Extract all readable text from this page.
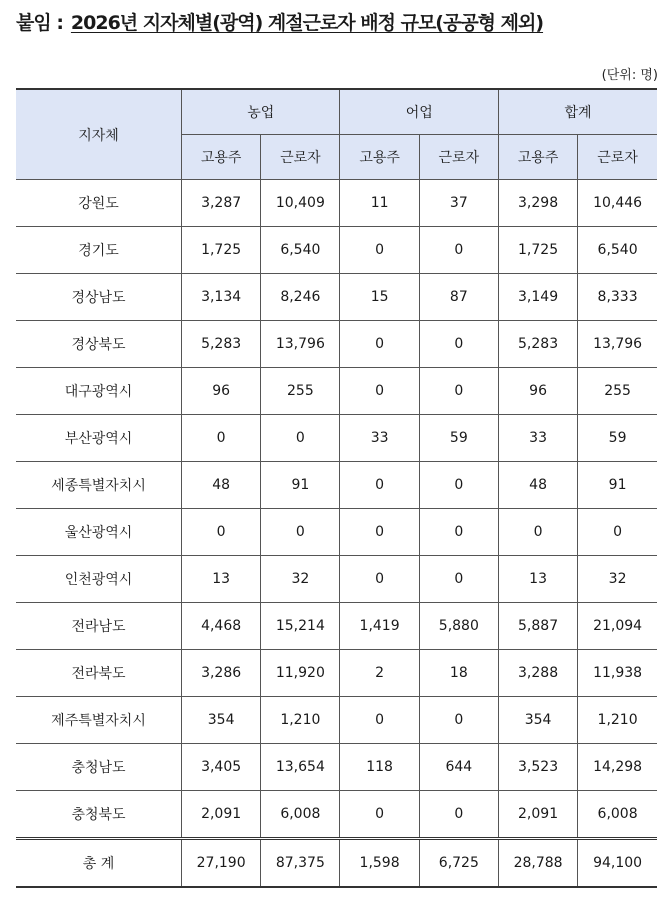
붙임 : 2026년 지자체별(광역) 계절근로자 배정 규모(공공형 제외)
(단위: 명)
지자체	농업		어업		합계	
	고용주	근로자	고용주	근로자	고용주	근로자
강원도	3,287	10,409	11	37	3,298	10,446
경기도	1,725	6,540	0	0	1,725	6,540
경상남도	3,134	8,246	15	87	3,149	8,333
경상북도	5,283	13,796	0	0	5,283	13,796
대구광역시	96	255	0	0	96	255
부산광역시	0	0	33	59	33	59
세종특별자치시	48	91	0	0	48	91
울산광역시	0	0	0	0	0	0
인천광역시	13	32	0	0	13	32
전라남도	4,468	15,214	1,419	5,880	5,887	21,094
전라북도	3,286	11,920	2	18	3,288	11,938
제주특별자치시	354	1,210	0	0	354	1,210
충청남도	3,405	13,654	118	644	3,523	14,298
충청북도	2,091	6,008	0	0	2,091	6,008
총 계	27,190	87,375	1,598	6,725	28,788	94,100
